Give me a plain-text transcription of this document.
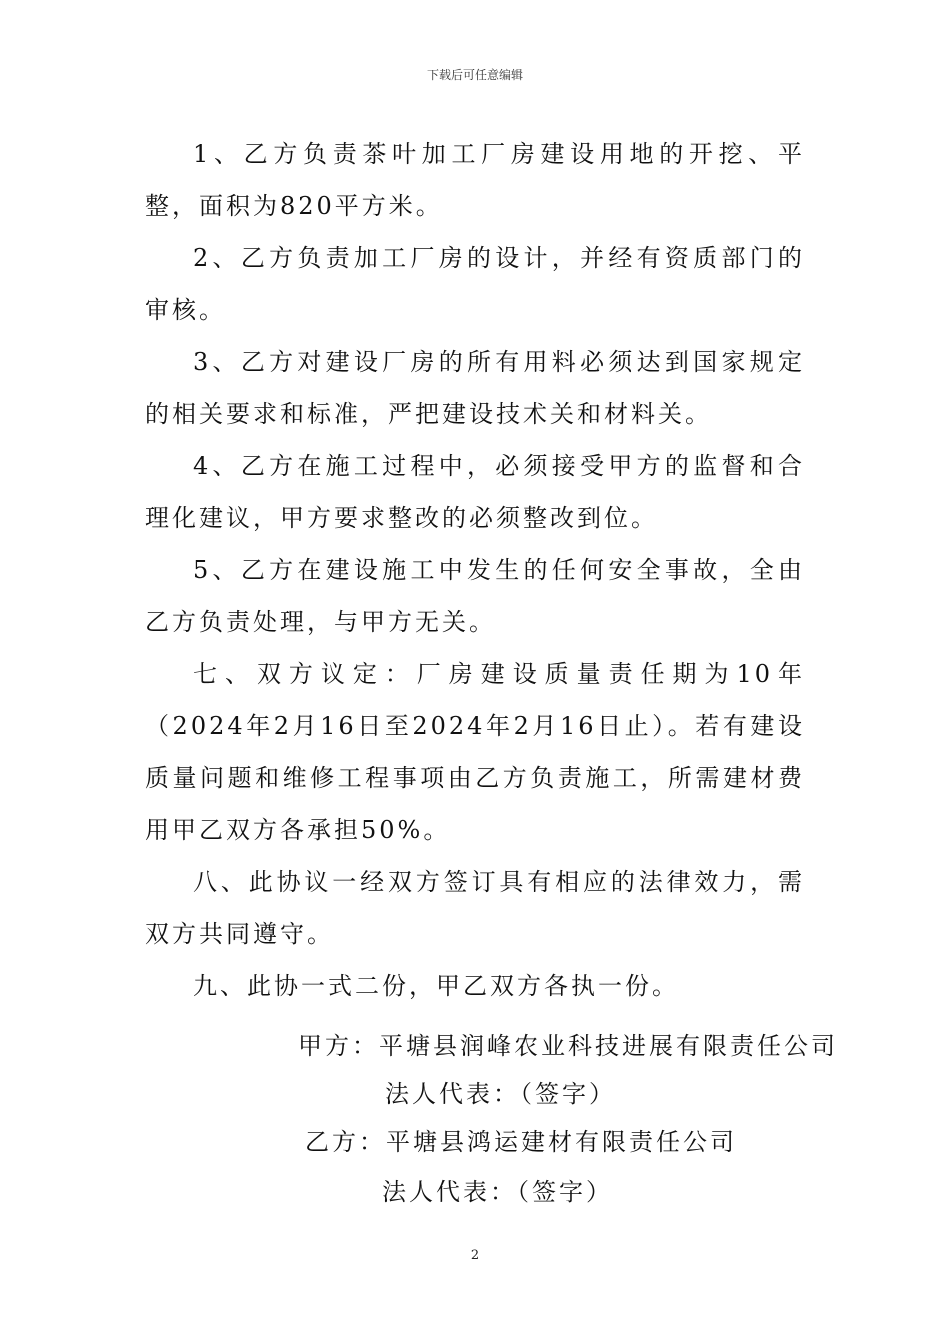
下载后可任意编辑

1、乙方负责茶叶加工厂房建设用地的开挖、平整，面积为820平方米。

2、乙方负责加工厂房的设计，并经有资质部门的审核。

3、乙方对建设厂房的所有用料必须达到国家规定的相关要求和标准，严把建设技术关和材料关。

4、乙方在施工过程中，必须接受甲方的监督和合理化建议，甲方要求整改的必须整改到位。

5、乙方在建设施工中发生的任何安全事故，全由乙方负责处理，与甲方无关。

七、双方议定：厂房建设质量责任期为10年（2024年2月16日至2024年2月16日止）。若有建设质量问题和维修工程事项由乙方负责施工，所需建材费用甲乙双方各承担50%。

八、此协议一经双方签订具有相应的法律效力，需双方共同遵守。

九、此协一式二份，甲乙双方各执一份。

甲方：平塘县润峰农业科技进展有限责任公司
法人代表：（签字）
乙方：平塘县鸿运建材有限责任公司
法人代表：（签字）
2
